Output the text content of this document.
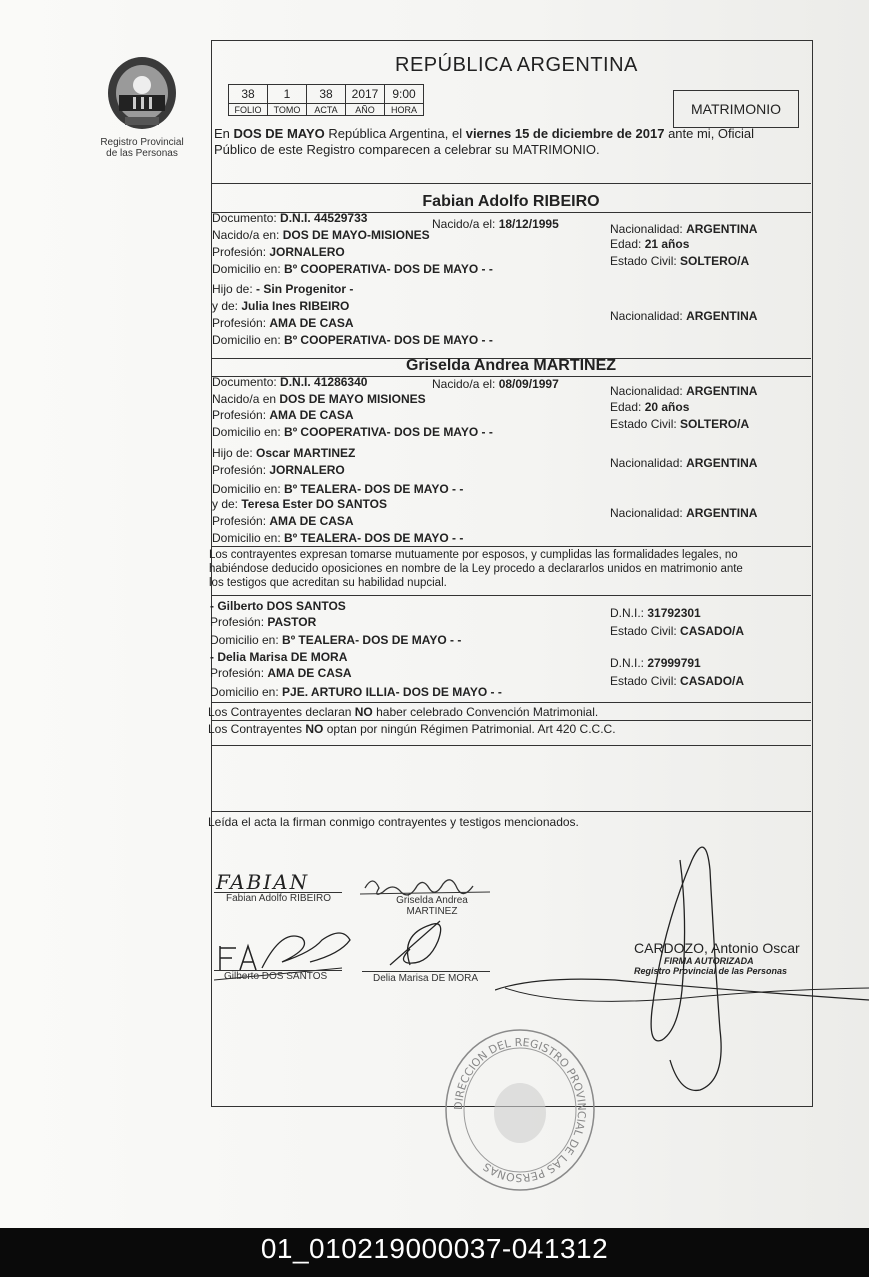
Registro Provincial
de las Personas
REPÚBLICA ARGENTINA
38	1	38	2017	9:00
FOLIO	TOMO	ACTA	AÑO	HORA	MATRIMONIO
En DOS DE MAYO República Argentina, el viernes 15 de diciembre de 2017 ante mi, Oficial
Público de este Registro comparecen a celebrar su MATRIMONIO.
Fabian Adolfo RIBEIRO
Documento: D.N.I. 44529733	Nacido/a el: 18/12/1995
Nacido/a en: DOS DE MAYO-MISIONES
Profesión: JORNALERO
Domicilio en: Bº COOPERATIVA- DOS DE MAYO - -
Nacionalidad: ARGENTINA
Edad: 21 años
Estado Civil: SOLTERO/A
Hijo de: - Sin Progenitor -
y de: Julia Ines RIBEIRO
Profesión: AMA DE CASA
Domicilio en: Bº COOPERATIVA- DOS DE MAYO - -
Nacionalidad: ARGENTINA
Griselda Andrea MARTINEZ
Documento: D.N.I. 41286340	Nacido/a el: 08/09/1997
Nacido/a en DOS DE MAYO MISIONES
Profesión: AMA DE CASA
Domicilio en: Bº COOPERATIVA- DOS DE MAYO - -
Nacionalidad: ARGENTINA
Edad: 20 años
Estado Civil: SOLTERO/A
Hijo de: Oscar MARTINEZ
Profesión: JORNALERO
Domicilio en: Bº TEALERA- DOS DE MAYO - -
Nacionalidad: ARGENTINA
y de: Teresa Ester DO SANTOS
Profesión: AMA DE CASA
Domicilio en: Bº TEALERA- DOS DE MAYO - -
Nacionalidad: ARGENTINA
Los contrayentes expresan tomarse mutuamente por esposos, y cumplidas las formalidades legales, no
habiéndose deducido oposiciones en nombre de la Ley procedo a declararlos unidos en matrimonio ante
los testigos que acreditan su habilidad nupcial.
- Gilberto DOS SANTOS
Profesión: PASTOR
Domicilio en: Bº TEALERA- DOS DE MAYO - -
D.N.I.: 31792301
Estado Civil: CASADO/A
- Delia Marisa DE MORA
Profesión: AMA DE CASA
Domicilio en: PJE. ARTURO ILLIA- DOS DE MAYO - -
D.N.I.: 27999791
Estado Civil: CASADO/A
Los Contrayentes declaran NO haber celebrado Convención Matrimonial.
Los Contrayentes NO optan por ningún Régimen Patrimonial. Art 420 C.C.C.
Leída el acta la firman conmigo contrayentes y testigos mencionados.
FABIAN
Fabian Adolfo RIBEIRO	Griselda Andrea
MARTINEZ
Gilberto DOS SANTOS	Delia Marisa DE MORA
CARDOZO, Antonio Oscar
FIRMA AUTORIZADA
Registro Provincial de las Personas
DIRECCION DEL REGISTRO PROVINCIAL DE LAS PERSONAS
01_010219000037-041312
